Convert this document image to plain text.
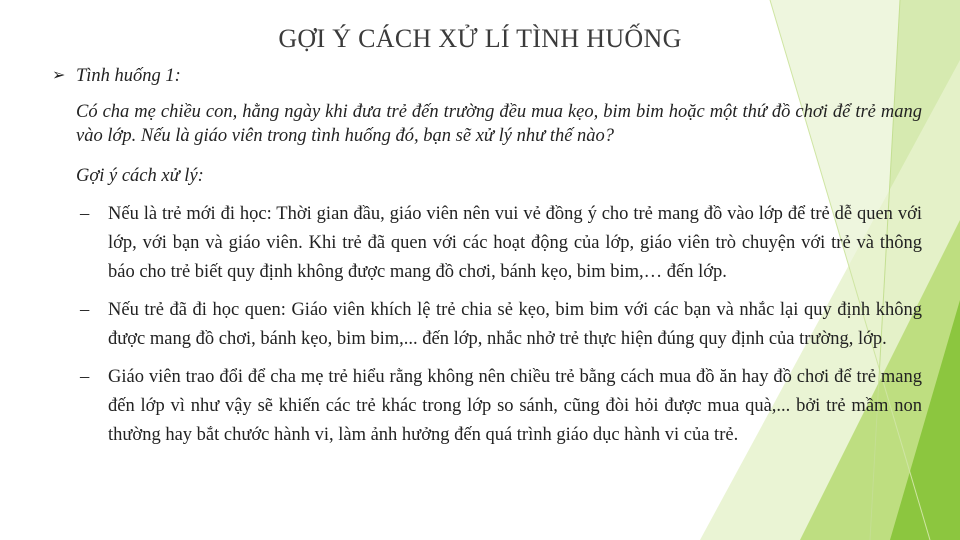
GỢI Ý CÁCH XỬ LÍ TÌNH HUỐNG

➢ Tình huống 1:

Có cha mẹ chiều con, hằng ngày khi đưa trẻ đến trường đều mua kẹo, bim bim hoặc một thứ đồ chơi để trẻ mang vào lớp. Nếu là giáo viên trong tình huống đó, bạn sẽ xử lý như thế nào?

Gợi ý cách xử lý:

– Nếu là trẻ mới đi học: Thời gian đầu, giáo viên nên vui vẻ đồng ý cho trẻ mang đồ vào lớp để trẻ dễ quen với lớp, với bạn và giáo viên. Khi trẻ đã quen với các hoạt động của lớp, giáo viên trò chuyện với trẻ và thông báo cho trẻ biết quy định không được mang đồ chơi, bánh kẹo, bim bim,… đến lớp.

– Nếu trẻ đã đi học quen: Giáo viên khích lệ trẻ chia sẻ kẹo, bim bim với các bạn và nhắc lại quy định không được mang đồ chơi, bánh kẹo, bim bim,... đến lớp, nhắc nhở trẻ thực hiện đúng quy định của trường, lớp.

– Giáo viên trao đổi để cha mẹ trẻ hiểu rằng không nên chiều trẻ bằng cách mua đồ ăn hay đồ chơi để trẻ mang đến lớp vì như vậy sẽ khiến các trẻ khác trong lớp so sánh, cũng đòi hỏi được mua quà,... bởi trẻ mầm non thường hay bắt chước hành vi, làm ảnh hưởng đến quá trình giáo dục hành vi của trẻ.
